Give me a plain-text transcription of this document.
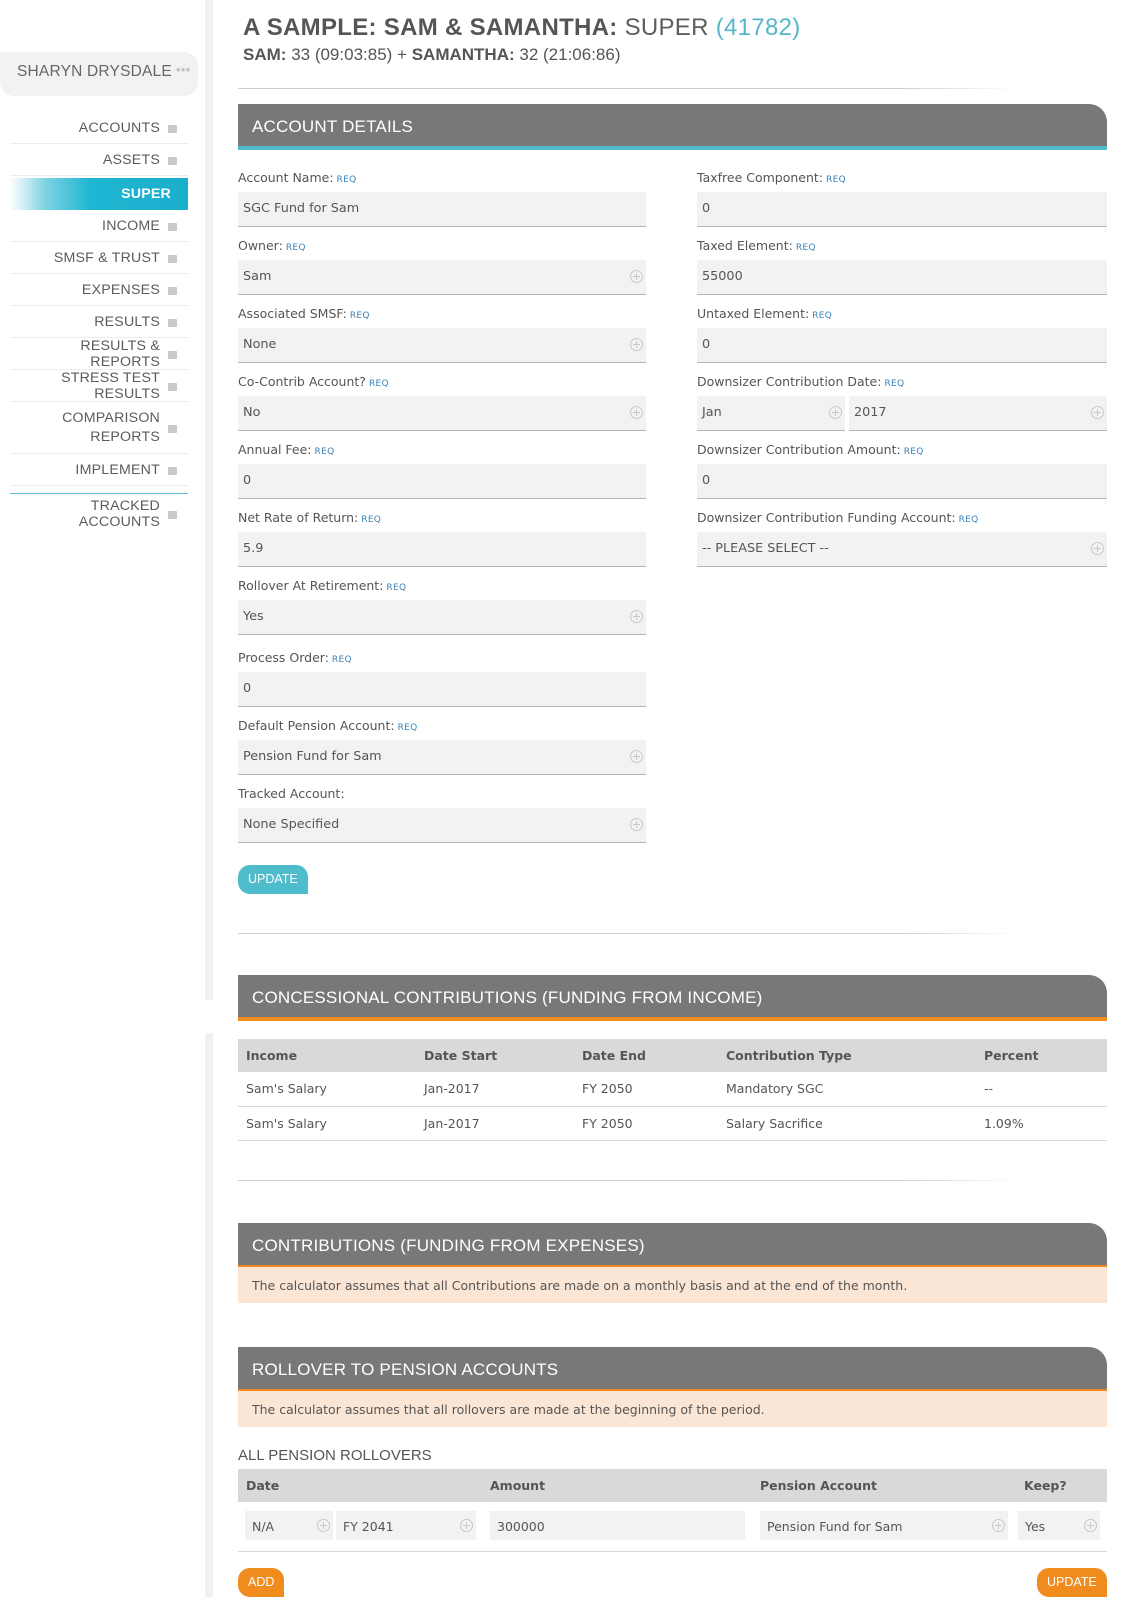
SHARYN DRYSDALE ***
ACCOUNTS
ASSETS
SUPER
INCOME
SMSF & TRUST
EXPENSES
RESULTS
RESULTS & REPORTS
STRESS TEST RESULTS
COMPARISON
REPORTS
IMPLEMENT
TRACKED ACCOUNTS
A SAMPLE: SAM & SAMANTHA: SUPER (41782)
SAM: 33 (09:03:85) + SAMANTHA: 32 (21:06:86)
ACCOUNT DETAILS
Account Name: REQ
SGC Fund for Sam
Owner: REQ
Sam
Associated SMSF: REQ
None
Co-Contrib Account? REQ
No
Annual Fee: REQ
0
Net Rate of Return: REQ
5.9
Rollover At Retirement: REQ
Yes
Process Order: REQ
0
Default Pension Account: REQ
Pension Fund for Sam
Tracked Account:
None Specified
Taxfree Component: REQ
0
Taxed Element: REQ
55000
Untaxed Element: REQ
0
Downsizer Contribution Date: REQ
Jan	2017
Downsizer Contribution Amount: REQ
0
Downsizer Contribution Funding Account: REQ
-- PLEASE SELECT --
UPDATE
CONCESSIONAL CONTRIBUTIONS (FUNDING FROM INCOME)
Income	Date Start	Date End	Contribution Type	Percent
Sam's Salary	Jan-2017	FY 2050	Mandatory SGC	--
Sam's Salary	Jan-2017	FY 2050	Salary Sacrifice	1.09%
CONTRIBUTIONS (FUNDING FROM EXPENSES)
The calculator assumes that all Contributions are made on a monthly basis and at the end of the month.
ROLLOVER TO PENSION ACCOUNTS
The calculator assumes that all rollovers are made at the beginning of the period.
ALL PENSION ROLLOVERS
Date	Amount	Pension Account	Keep?

N/A	FY 2041	300000	Pension Fund for Sam	Yes
ADD	UPDATE
